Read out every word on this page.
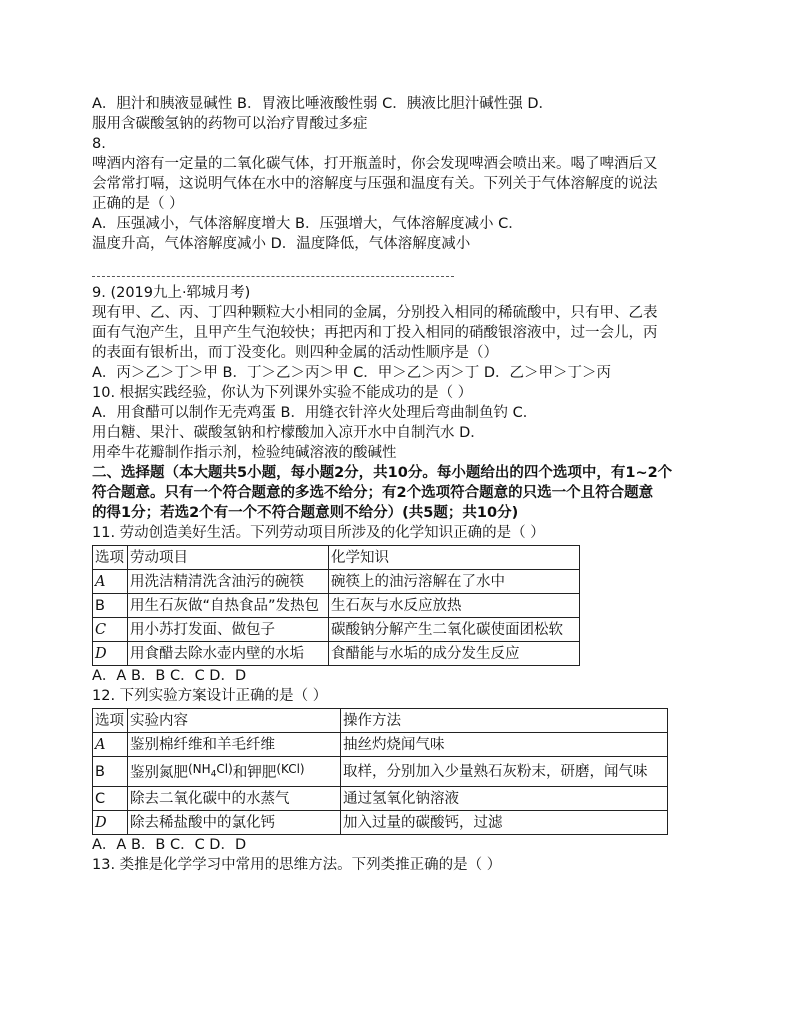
A．胆汁和胰液显碱性 B．胃液比唾液酸性弱 C．胰液比胆汁碱性强 D．
服用含碳酸氢钠的药物可以治疗胃酸过多症
8.
啤酒内溶有一定量的二氧化碳气体，打开瓶盖时，你会发现啤酒会喷出来。喝了啤酒后又
会常常打嗝，这说明气体在水中的溶解度与压强和温度有关。下列关于气体溶解度的说法
正确的是（ ）
A．压强减小，气体溶解度增大 B．压强增大，气体溶解度减小 C．
温度升高，气体溶解度减小 D．温度降低，气体溶解度减小
9. (2019九上·郓城月考)
现有甲、乙、丙、丁四种颗粒大小相同的金属，分别投入相同的稀硫酸中，只有甲、乙表
面有气泡产生，且甲产生气泡较快；再把丙和丁投入相同的硝酸银溶液中，过一会儿，丙
的表面有银析出，而丁没变化。则四种金属的活动性顺序是（）
A．丙＞乙＞丁＞甲 B．丁＞乙＞丙＞甲 C．甲＞乙＞丙＞丁 D．乙＞甲＞丁＞丙
10. 根据实践经验，你认为下列课外实验不能成功的是（ ）
A．用食醋可以制作无壳鸡蛋 B．用缝衣针淬火处理后弯曲制鱼钓 C．
用白糖、果汁、碳酸氢钠和柠檬酸加入凉开水中自制汽水 D．
用牵牛花瓣制作指示剂，检验纯碱溶液的酸碱性
二、选择题（本大题共5小题，每小题2分，共10分。每小题给出的四个选项中，有1~2个
符合题意。只有一个符合题意的多选不给分；有2个选项符合题意的只选一个且符合题意
的得1分；若选2个有一个不符合题意则不给分）(共5题；共10分)
11. 劳动创造美好生活。下列劳动项目所涉及的化学知识正确的是（ ）
选项	劳动项目	化学知识
A	用洗洁精清洗含油污的碗筷	碗筷上的油污溶解在了水中
B	用生石灰做“自热食品”发热包	生石灰与水反应放热
C	用小苏打发面、做包子	碳酸钠分解产生二氧化碳使面团松软
D	用食醋去除水壶内壁的水垢	食醋能与水垢的成分发生反应
A．A B．B C．C D．D
12. 下列实验方案设计正确的是（ ）
选项	实验内容	操作方法
A	鉴别棉纤维和羊毛纤维	抽丝灼烧闻气味
B	鉴别氮肥$^{(NH_4Cl)}$和钾肥$^{(KCl)}$	取样，分别加入少量熟石灰粉末，研磨，闻气味
C	除去二氧化碳中的水蒸气	通过氢氧化钠溶液
D	除去稀盐酸中的氯化钙	加入过量的碳酸钙，过滤
A．A B．B C．C D．D
13. 类推是化学学习中常用的思维方法。下列类推正确的是（ ）
